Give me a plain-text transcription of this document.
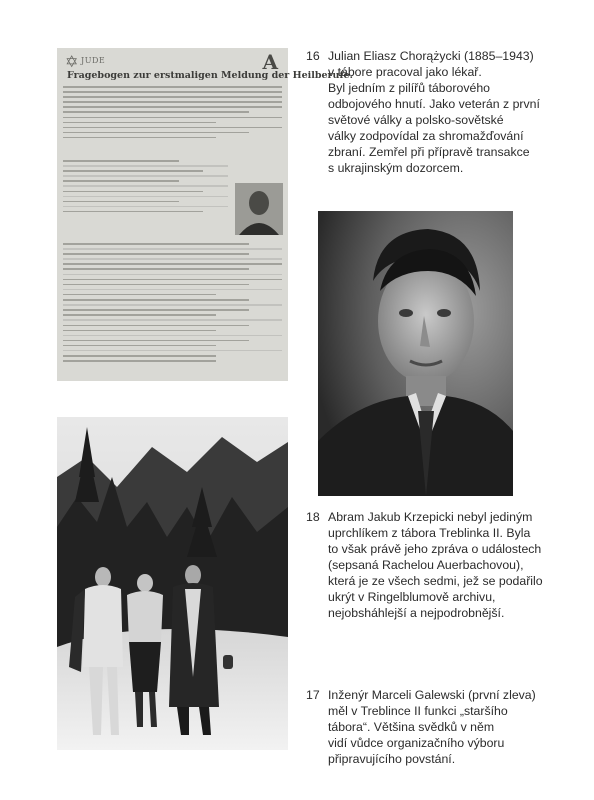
✡ JUDE	A
Fragebogen zur erstmaligen Meldung der Heilberufe.
16 Julian Eliasz Chorążycki (1885–1943)
v tábore pracoval jako lékař.
Byl jedním z pilířů táborového
odbojového hnutí. Jako veterán z první
světové války a polsko-sovětské
války zodpovídal za shromažďování
zbraní. Zemřel při přípravě transakce
s ukrajinským dozorcem.
18 Abram Jakub Krzepicki nebyl jediným
uprchlíkem z tábora Treblinka II. Byla
to však právě jeho zpráva o událostech
(sepsaná Rachelou Auerbachovou),
která je ze všech sedmi, jež se podařilo
ukrýt v Ringelblumově archivu,
nejobsháhlejší a nejpodrobnější.
17 Inženýr Marceli Galewski (první zleva)
měl v Treblince II funkci „staršího
tábora“. Většina svědků v něm
vidí vůdce organizačního výboru
připravujícího povstání.
